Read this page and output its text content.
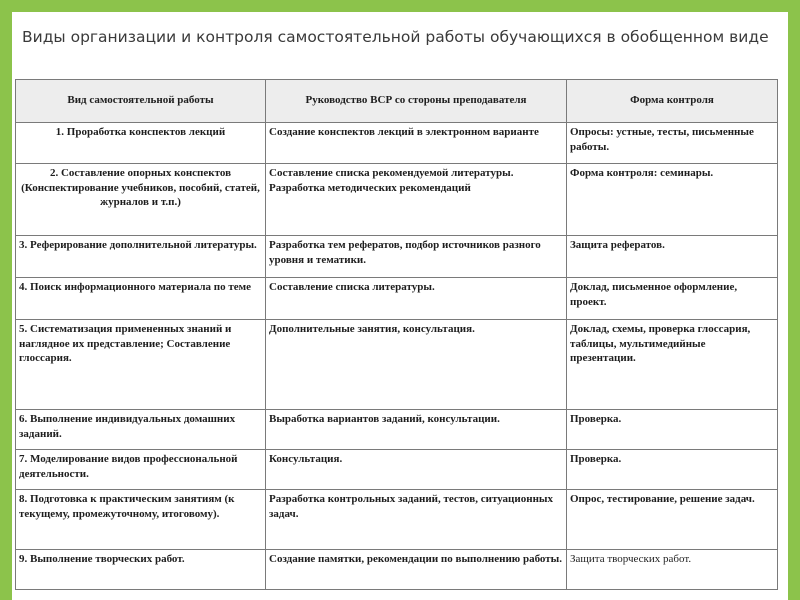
Виды организации и контроля самостоятельной работы обучающихся в обобщенном виде
Вид самостоятельной работы	Руководство ВСР со стороны преподавателя	Форма контроля
1. Проработка конспектов лекций	Создание конспектов лекций в электронном варианте	Опросы: устные, тесты, письменные работы.
2. Составление опорных конспектов (Конспектирование учебников, пособий, статей, журналов и т.п.)	Составление списка рекомендуемой литературы. Разработка методических рекомендаций	Форма контроля: семинары.
3. Реферирование дополнительной литературы.	Разработка тем рефератов, подбор источников разного уровня и тематики.	Защита рефератов.
4. Поиск информационного материала по теме	Составление списка литературы.	Доклад, письменное оформление, проект.
5. Систематизация примененных знаний и наглядное их представление; Составление глоссария.	Дополнительные занятия, консультация.	Доклад, схемы, проверка глоссария, таблицы, мультимедийные презентации.
6. Выполнение индивидуальных домашних заданий.	Выработка вариантов заданий, консультации.	Проверка.
7. Моделирование видов профессиональной деятельности.	Консультация.	Проверка.
8. Подготовка к практическим занятиям (к текущему, промежуточному, итоговому).	Разработка контрольных заданий, тестов, ситуационных задач.	Опрос, тестирование, решение задач.
9. Выполнение творческих работ.	Создание памятки, рекомендации по выполнению работы.	Защита творческих работ.
